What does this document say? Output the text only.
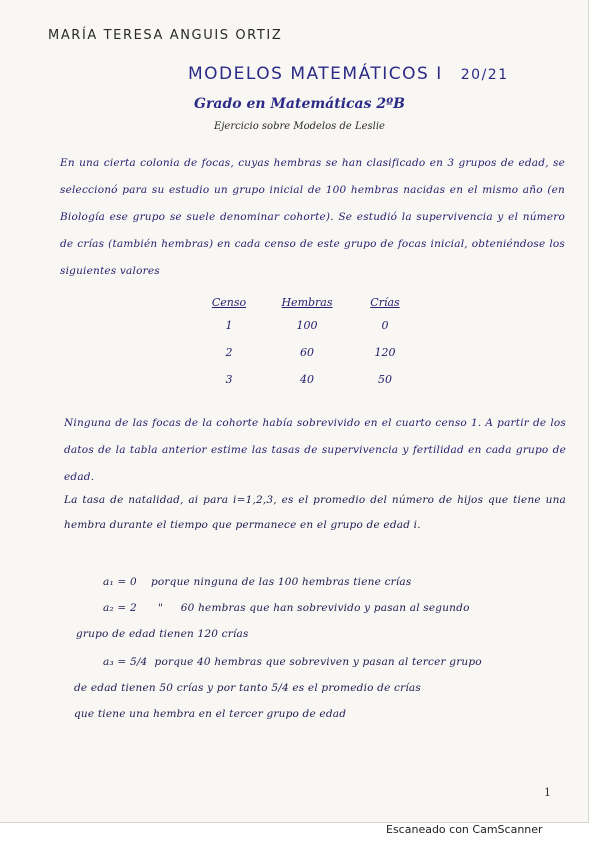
MARÍA TERESA ANGUIS ORTIZ
MODELOS MATEMÁTICOS I 20/21
Grado en Matemáticas 2ºB
Ejercicio sobre Modelos de Leslie
En una cierta colonia de focas, cuyas hembras se han clasificado en 3 grupos de edad, se seleccionó para su estudio un grupo inicial de 100 hembras nacidas en el mismo año (en Biología ese grupo se suele denominar cohorte). Se estudió la supervivencia y el número de crías (también hembras) en cada censo de este grupo de focas inicial, obteniéndose los siguientes valores
Censo	Hembras	Crías
1	100	0
2	60	120
3	40	50
Ninguna de las focas de la cohorte había sobrevivido en el cuarto censo 1. A partir de los datos de la tabla anterior estime las tasas de supervivencia y fertilidad en cada grupo de edad.
La tasa de natalidad, ai para i=1,2,3, es el promedio del número de hijos que tiene una hembra durante el tiempo que permanece en el grupo de edad i.
a₁ = 0 porque ninguna de las 100 hembras tiene crías
a₂ = 2 " 60 hembras que han sobrevivido y pasan al segundo
grupo de edad tienen 120 crías
a₃ = 5/4 porque 40 hembras que sobreviven y pasan al tercer grupo
de edad tienen 50 crías y por tanto 5/4 es el promedio de crías
que tiene una hembra en el tercer grupo de edad
1
Escaneado con CamScanner
